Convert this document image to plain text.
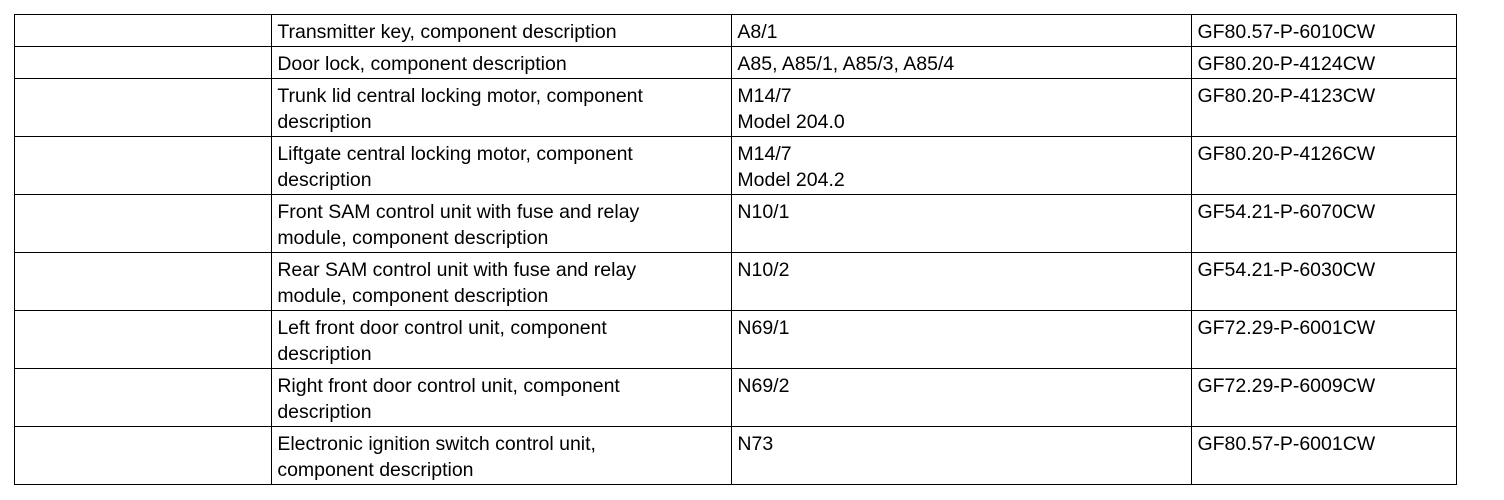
	Transmitter key, component description	A8/1	GF80.57-P-6010CW
	Door lock, component description	A85, A85/1, A85/3, A85/4	GF80.20-P-4124CW
	Trunk lid central locking motor, component
description	M14/7
Model 204.0	GF80.20-P-4123CW
	Liftgate central locking motor, component
description	M14/7
Model 204.2	GF80.20-P-4126CW
	Front SAM control unit with fuse and relay
module, component description	N10/1	GF54.21-P-6070CW
	Rear SAM control unit with fuse and relay
module, component description	N10/2	GF54.21-P-6030CW
	Left front door control unit, component
description	N69/1	GF72.29-P-6001CW
	Right front door control unit, component
description	N69/2	GF72.29-P-6009CW
	Electronic ignition switch control unit,
component description	N73	GF80.57-P-6001CW
